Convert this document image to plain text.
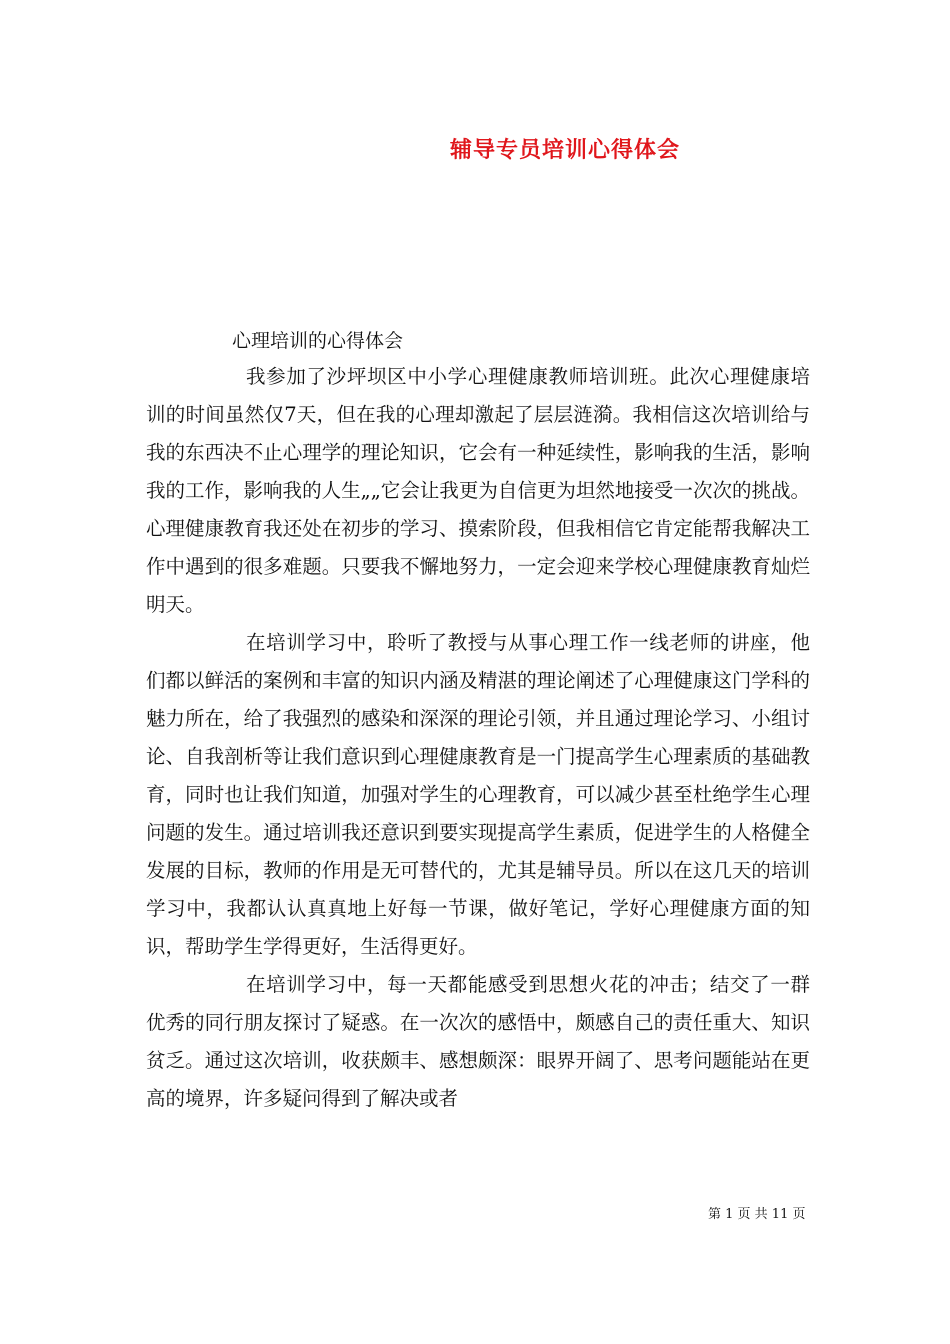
辅导专员培训心得体会
心理培训的心得体会

我参加了沙坪坝区中小学心理健康教师培训班。此次心理健康培训的时间虽然仅7天，但在我的心理却激起了层层涟漪。我相信这次培训给与我的东西决不止心理学的理论知识，它会有一种延续性，影响我的生活，影响我的工作，影响我的人生„„它会让我更为自信更为坦然地接受一次次的挑战。心理健康教育我还处在初步的学习、摸索阶段，但我相信它肯定能帮我解决工作中遇到的很多难题。只要我不懈地努力，一定会迎来学校心理健康教育灿烂明天。

在培训学习中，聆听了教授与从事心理工作一线老师的讲座，他们都以鲜活的案例和丰富的知识内涵及精湛的理论阐述了心理健康这门学科的魅力所在，给了我强烈的感染和深深的理论引领，并且通过理论学习、小组讨论、自我剖析等让我们意识到心理健康教育是一门提高学生心理素质的基础教育，同时也让我们知道，加强对学生的心理教育，可以减少甚至杜绝学生心理问题的发生。通过培训我还意识到要实现提高学生素质，促进学生的人格健全发展的目标，教师的作用是无可替代的，尤其是辅导员。所以在这几天的培训学习中，我都认认真真地上好每一节课，做好笔记，学好心理健康方面的知识，帮助学生学得更好，生活得更好。

在培训学习中，每一天都能感受到思想火花的冲击；结交了一群优秀的同行朋友探讨了疑惑。在一次次的感悟中，颇感自己的责任重大、知识贫乏。通过这次培训，收获颇丰、感想颇深：眼界开阔了、思考问题能站在更高的境界，许多疑问得到了解决或者

第 1 页 共 11 页
